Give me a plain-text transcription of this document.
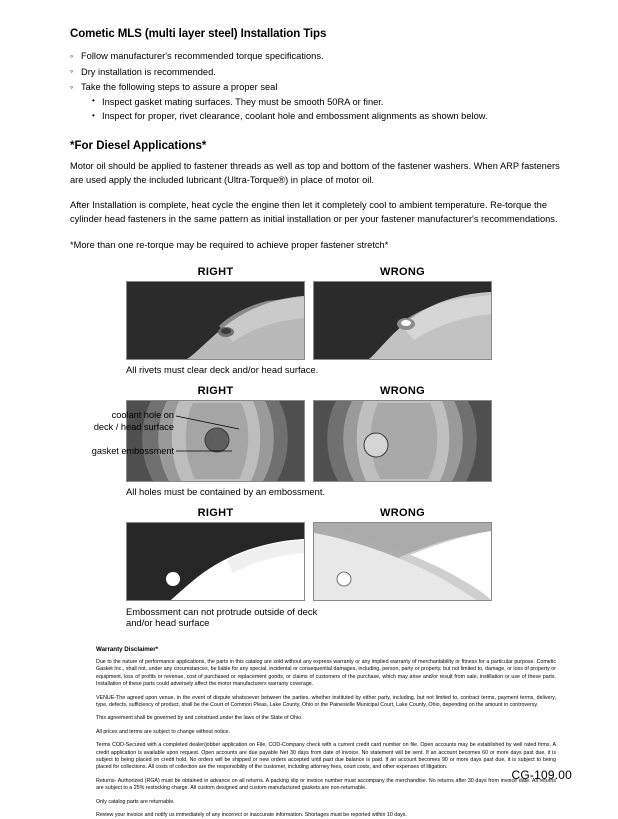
Cometic MLS (multi layer steel) Installation Tips
◦ Follow manufacturer's recommended torque specifications.
◦ Dry installation is recommended.
◦ Take the following steps to assure a proper seal
• Inspect gasket mating surfaces. They must be smooth 50RA or finer.
• Inspect for proper, rivet clearance, coolant hole and embossment alignments as shown below.
*For Diesel Applications*

Motor oil should be applied to fastener threads as well as top and bottom of the fastener washers. When ARP fasteners are used apply the included lubricant (Ultra-Torque®) in place of motor oil.

After Installation is complete, heat cycle the engine then let it completely cool to ambient temperature. Re-torque the cylinder head fasteners in the same pattern as initial installation or per your fastener manufacturer's recommendations.

*More than one re-torque may be required to achieve proper fastener stretch*

RIGHT	WRONG

All rivets must clear deck and/or head surface.

RIGHT	WRONG
coolant hole on
deck / head surface
gasket embossment

All holes must be contained by an embossment.

RIGHT	WRONG

Embossment can not protrude outside of deck

and/or head surface

Warranty Disclaimer*

Due to the nature of performance applications, the parts in this catalog are sold without any express warranty or any implied warranty of merchantability or fitness for a particular purpose. Cometic Gasket Inc., shall not, under any circumstances, be liable for any special, incidental or consequential damages, including, person, party or property, but not limited to, damage, or loss of property or equipment, loss of profits or revenue, cost of purchased or replacement goods, or claims of customers of the purchase, which may arise and/or result from sale, instillation or use of these parts. Installation of these parts could adversely affect the motor manufacturers warranty coverage.

VENUE-The agreed upon venue, in the event of dispute whatsoever between the parties, whether instituted by either party, including, but not limited to, contract terms, payment terms, delivery, type, defects, sufficiency of product, shall be the Court of Common Pleas, Lake County, Ohio or the Painesville Municipal Court, Lake County, Ohio, depending on the amount in controversy.

This agreement shall be governed by and construed under the laws of the State of Ohio.

All prices and terms are subject to change without notice.

Terms COD-Secured with a completed dealer/jobber application on File, COD-Company check with a current credit card number on file. Open accounts may be established by well rated firms. A credit application is available upon request. Open accounts are due payable Net 30 days from date of invoice. No statement will be sent. If an account becomes 60 or more days past due, it is subject to being placed on credit hold. No orders will be shipped or new orders accepted until past due balance is paid. If an account becomes 90 or more days past due, it is subject to being placed for collections. All costs of collection are the responsibility of the customer, including attorney fees, court costs, and other expenses of litigation.

Returns- Authorized (RGA) must be obtained in advance on all returns. A packing slip or invoice number must accompany the merchandise. No returns after 30 days from invoice date. All returns are subject to a 25% restocking charge. All custom designed and custom manufactured gaskets are non-returnable.

Only catalog parts are returnable.

Review your invoice and notify us immediately of any incorrect or inaccurate information. Shortages must be reported within 10 days.

CG-109.00
